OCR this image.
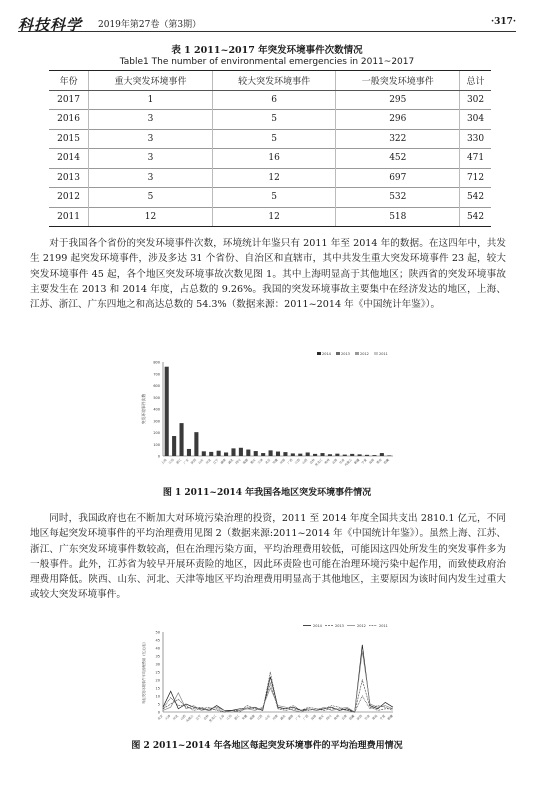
科技科学 2019年第27卷（第3期）	·317·
表 1 2011~2017 年突发环境事件次数情况
Table1 The number of environmental emergencies in 2011~2017
年份	重大突发环境事件	较大突发环境事件	一般突发环境事件	总计
2017	1	6	295	302
2016	3	5	296	304
2015	3	5	322	330
2014	3	16	452	471
2013	3	12	697	712
2012	5	5	532	542
2011	12	12	518	542
对于我国各个省份的突发环境事件次数，环境统计年鉴只有 2011 年至 2014 年的数据。在这四年中，共发生 2199 起突发环境事件，涉及多达 31 个省份、自治区和直辖市，其中共发生重大突发环境事件 23 起，较大突发环境事件 45 起，各个地区突发环境事故次数见图 1。其中上海明显高于其他地区；陕西省的突发环境事故主要发生在 2013 和 2014 年度，占总数的 9.26%。我国的突发环境事故主要集中在经济发达的地区，上海、江苏、浙江、广东四地之和高达总数的 54.3%（数据来源：2011~2014 年《中国统计年鉴》）。
0
100
200
300
400
500
600
700
800
突发环境事件次数
上海 江苏 浙江 广东 陕西 山东 河北 辽宁 湖南 湖北 四川 福建 重庆 天津 北京 安徽 河南 广西 江西 山西 吉林
黑龙江 贵州 云南 甘肃
内蒙古 新疆 宁夏 海南 青海 西藏
2014	2013	2012	2011
图 1 2011~2014 年我国各地区突发环境事件情况
同时，我国政府也在不断加大对环境污染治理的投资，2011 至 2014 年度全国共支出 2810.1 亿元，不同地区每起突发环境事件的平均治理费用见图 2（数据来源:2011~2014 年《中国统计年鉴》）。虽然上海、江苏、浙江、广东突发环境事件数较高，但在治理污染方面，平均治理费用较低，可能因这四处所发生的突发事件多为一般事件。此外，江苏省为较早开展环责险的地区，因此环责险也可能在治理环境污染中起作用，而致使政府治理费用降低。陕西、山东、河北、天津等地区平均治理费用明显高于其他地区，主要原因为该时间内发生过重大或较大突发环境事件。
0
5
10
15
20
25
30
35
40
45
50
每起突发环境事件平均治理费用（亿元/起）
北京 天津 河北 山西
内蒙古 辽宁 吉林
黑龙江 上海 江苏 浙江 安徽 福建 江西 山东 河南 湖北 湖南 广东 广西 海南 重庆 四川 贵州 云南 西藏 陕西 甘肃 青海 宁夏 新疆
2014	2013	2012	2011
图 2 2011~2014 年各地区每起突发环境事件的平均治理费用情况
